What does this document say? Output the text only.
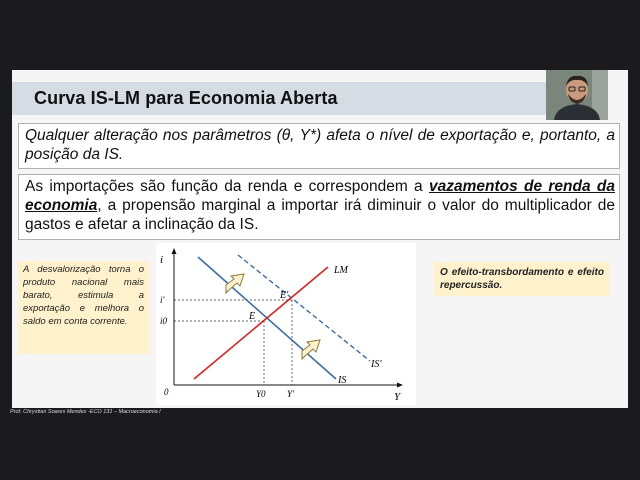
Curva IS-LM para Economia Aberta
Qualquer alteração nos parâmetros (θ, Y*) afeta o nível de exportação e, portanto, a posição da IS.
As importações são função da renda e correspondem a vazamentos de renda da economia, a propensão marginal a importar irá diminuir o valor do multiplicador de gastos e afetar a inclinação da IS.
A desvalorização torna o produto nacional mais barato, estimula a exportação e melhora o saldo em conta corrente.
O efeito-transbordamento e efeito repercussão.
i
Y
0
LM
IS
IS'
i'
i0
Y0 Y'
E
E'
Prof. Chrystian Soares Mendes -ECO 131 – Macroeconomia I
